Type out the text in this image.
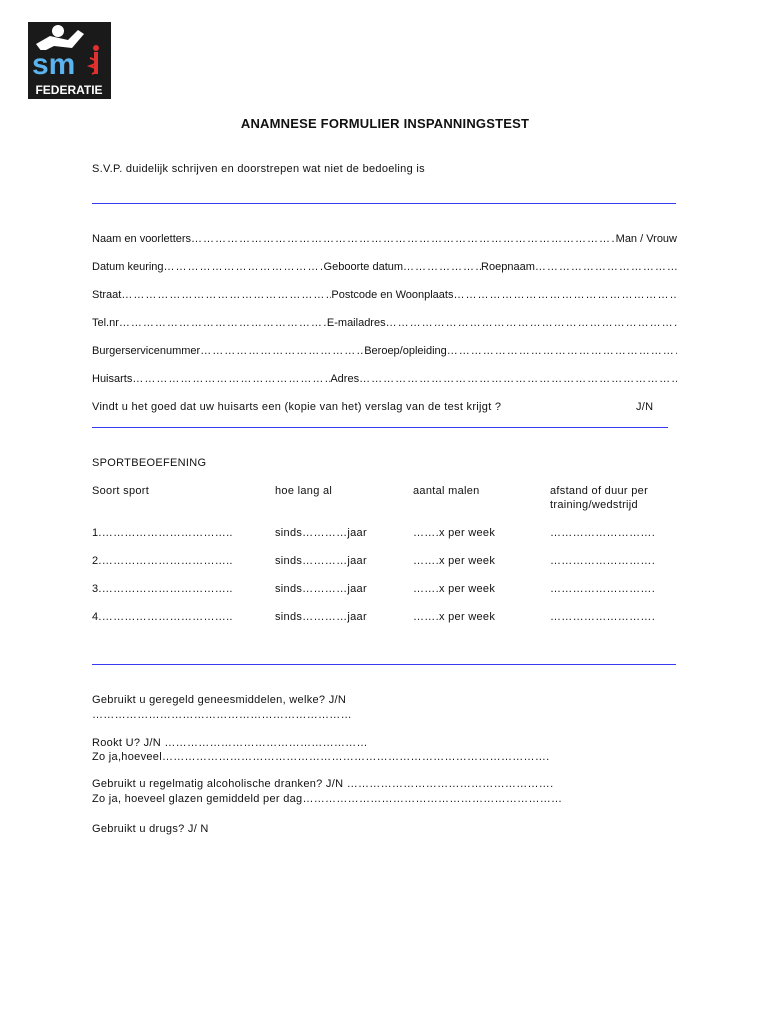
sm
FEDERATIE
ANAMNESE FORMULIER INSPANNINGSTEST
S.V.P. duidelijk schrijven en doorstrepen wat niet de bedoeling is
Naam en voorletters ……………………………………………………………………………………………………………………………………	Man / Vrouw
Datum keuring ……………………………………………………………………………………………………………………………………	Geboorte datum ……………………………………………………………………………………………………………………………………	Roepnaam
……………………………………………………………………………………………………………………………………
Straat ……………………………………………………………………………………………………………………………………	Postcode en Woonplaats
……………………………………………………………………………………………………………………………………
Tel.nr ……………………………………………………………………………………………………………………………………	E-mailadres
……………………………………………………………………………………………………………………………………
Burgerservicenummer ……………………………………………………………………………………………………………………………………	Beroep/opleiding
……………………………………………………………………………………………………………………………………
Huisarts ……………………………………………………………………………………………………………………………………	Adres
……………………………………………………………………………………………………………………………………
Vindt u het goed dat uw huisarts een (kopie van het) verslag van de test krijgt ?	J/N
SPORTBEOEFENING
Soort sport	hoe lang al	aantal malen	afstand of duur per
training/wedstrijd
1.……………………………..	sinds…………jaar	…….x per week	……………………….
2.……………………………..	sinds…………jaar	…….x per week	……………………….
3.……………………………..	sinds…………jaar	…….x per week	……………………….
4.……………………………..	sinds…………jaar	…….x per week	……………………….
Gebruikt u geregeld geneesmiddelen, welke? J/N
……………………………………………………………
Rookt U? J/N ………………………………………………
Zo ja,hoeveel………………………………………………………………………………………….
Gebruikt u regelmatig alcoholische dranken? J/N ……………………………………………….
Zo ja, hoeveel glazen gemiddeld per dag……………………………………………………………
Gebruikt u drugs? J/ N
